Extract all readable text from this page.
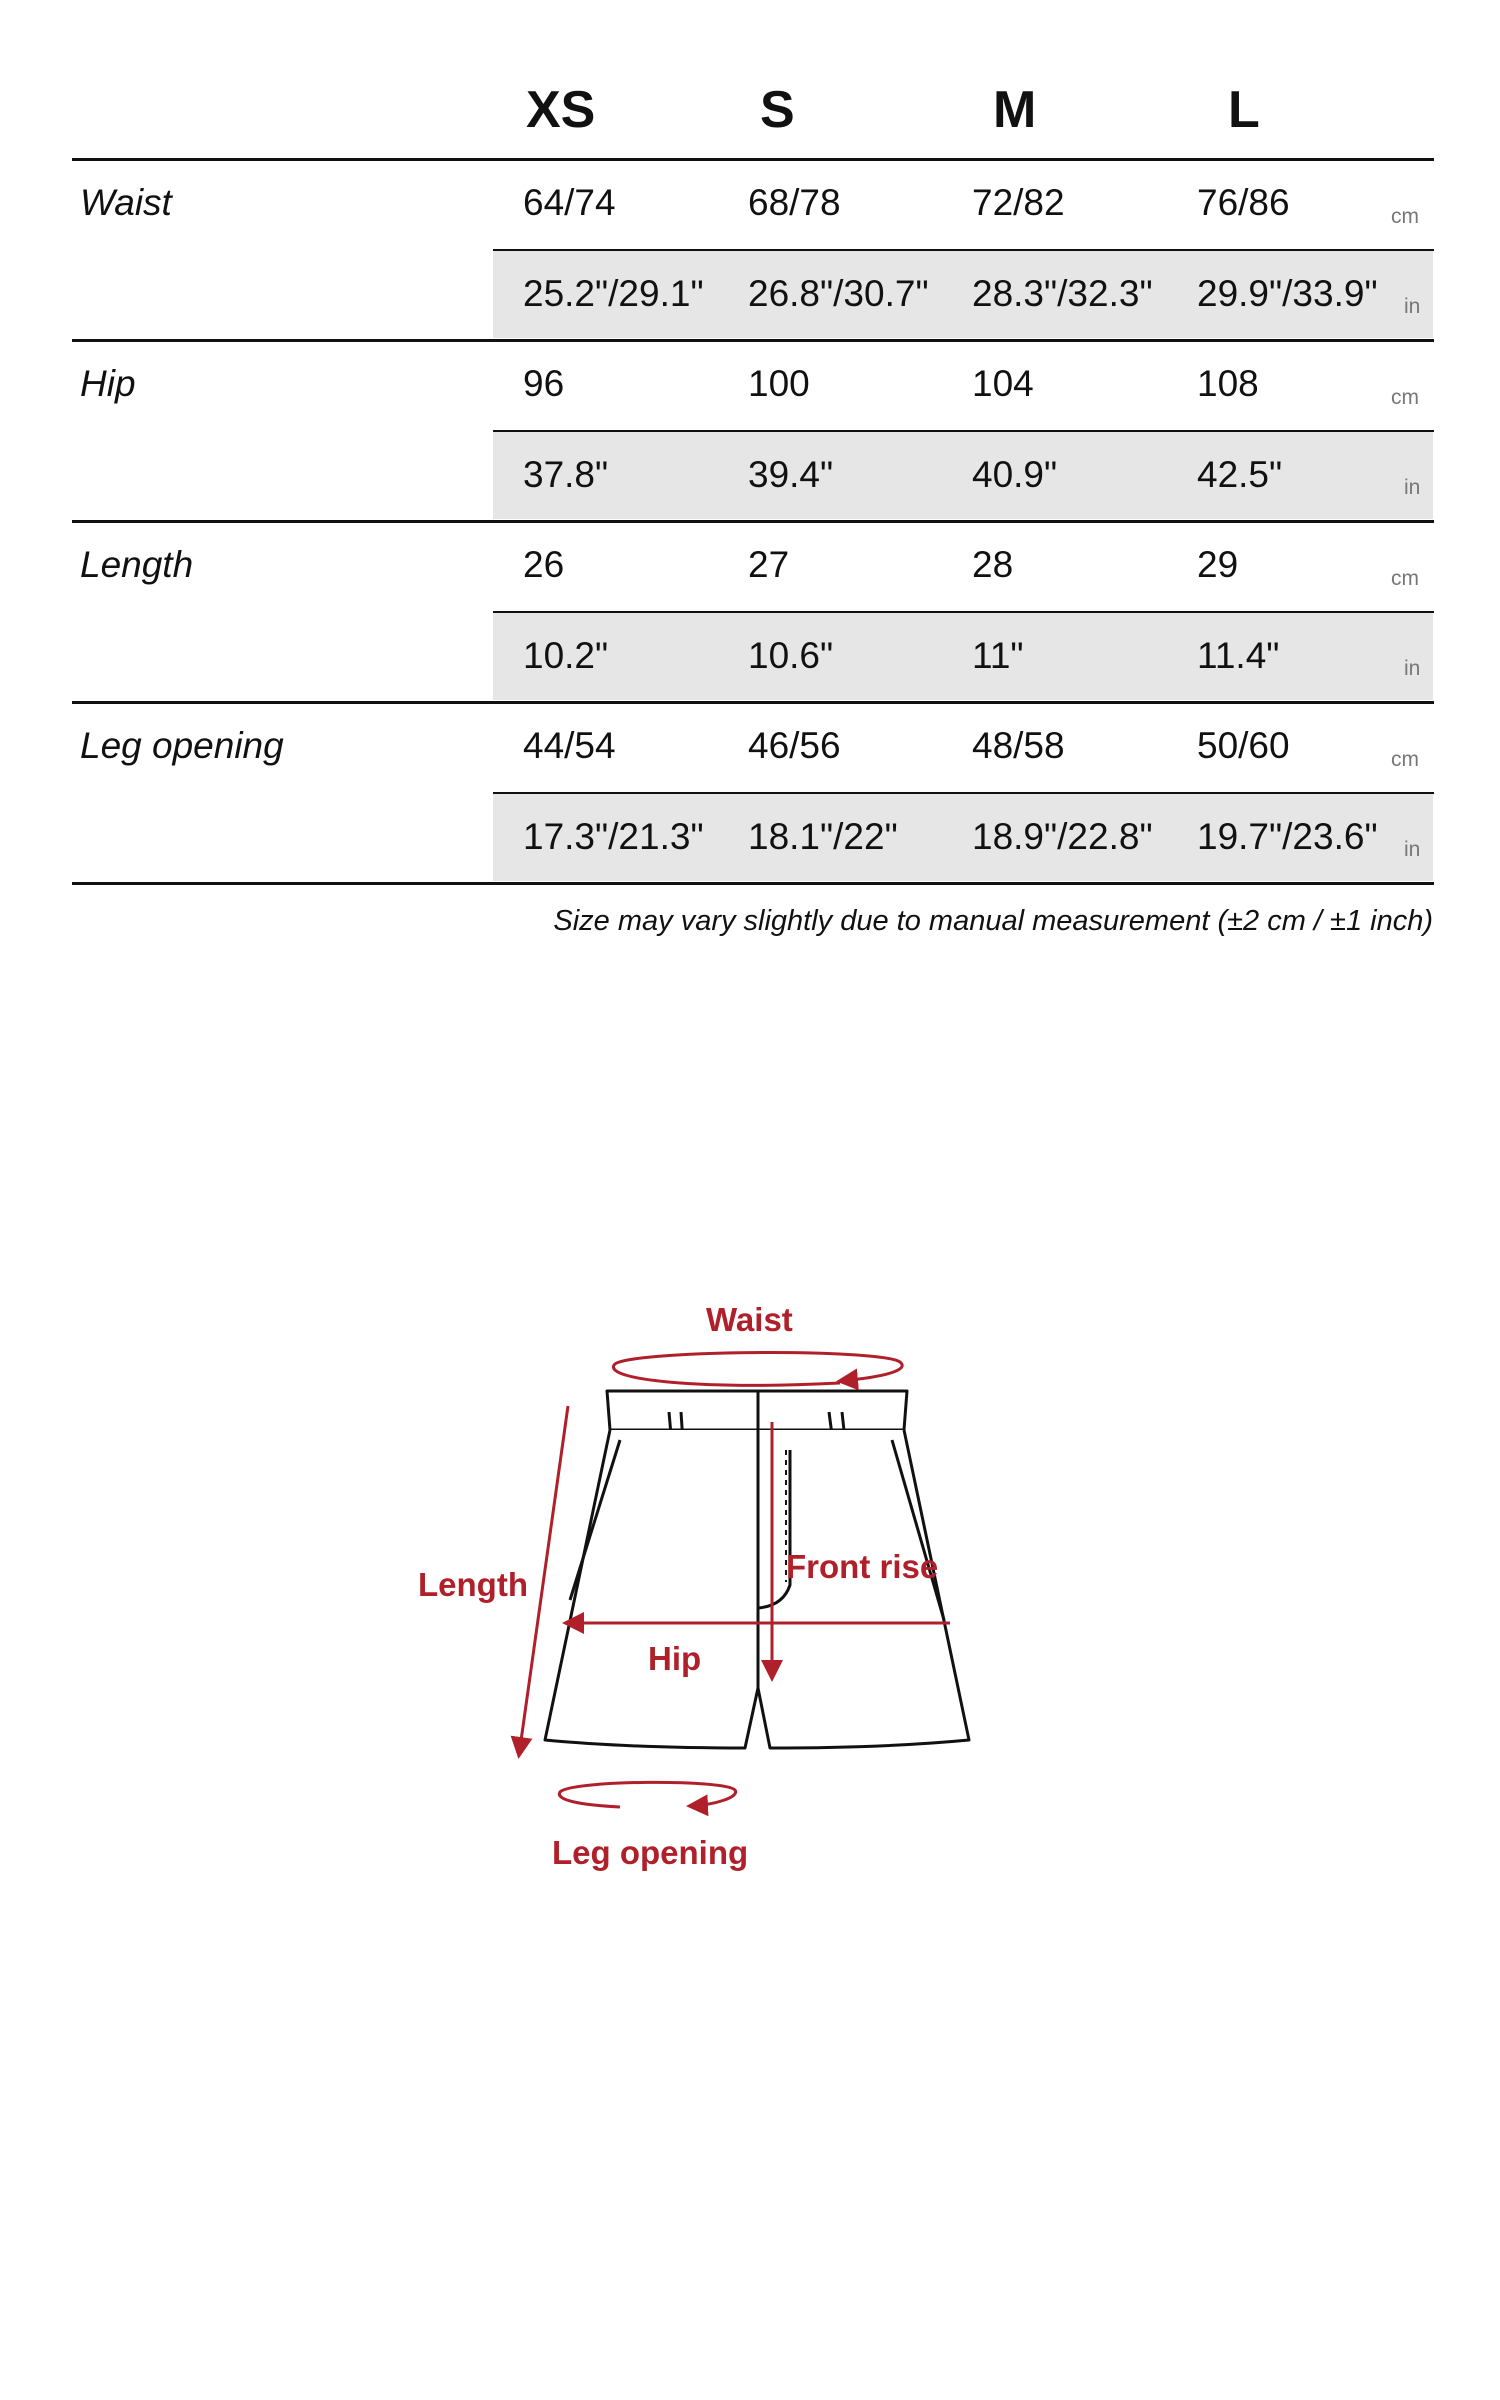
XS	S	M	L
Waist	64/74	68/78	72/82	76/86	cm
25.2"/29.1" 26.8"/30.7" 28.3"/32.3" 29.9"/33.9" in
Hip	96	100	104	108	cm
37.8"	39.4"	40.9"	42.5"	in
Length	26	27	28	29	cm
10.2"	10.6"	11"	11.4"	in
Leg opening	44/54	46/56	48/58	50/60	cm
17.3"/21.3" 18.1"/22" 18.9"/22.8" 19.7"/23.6" in
Size may vary slightly due to manual measurement (±2 cm / ±1 inch)
Waist
Length	Front rise
Hip
Leg opening
